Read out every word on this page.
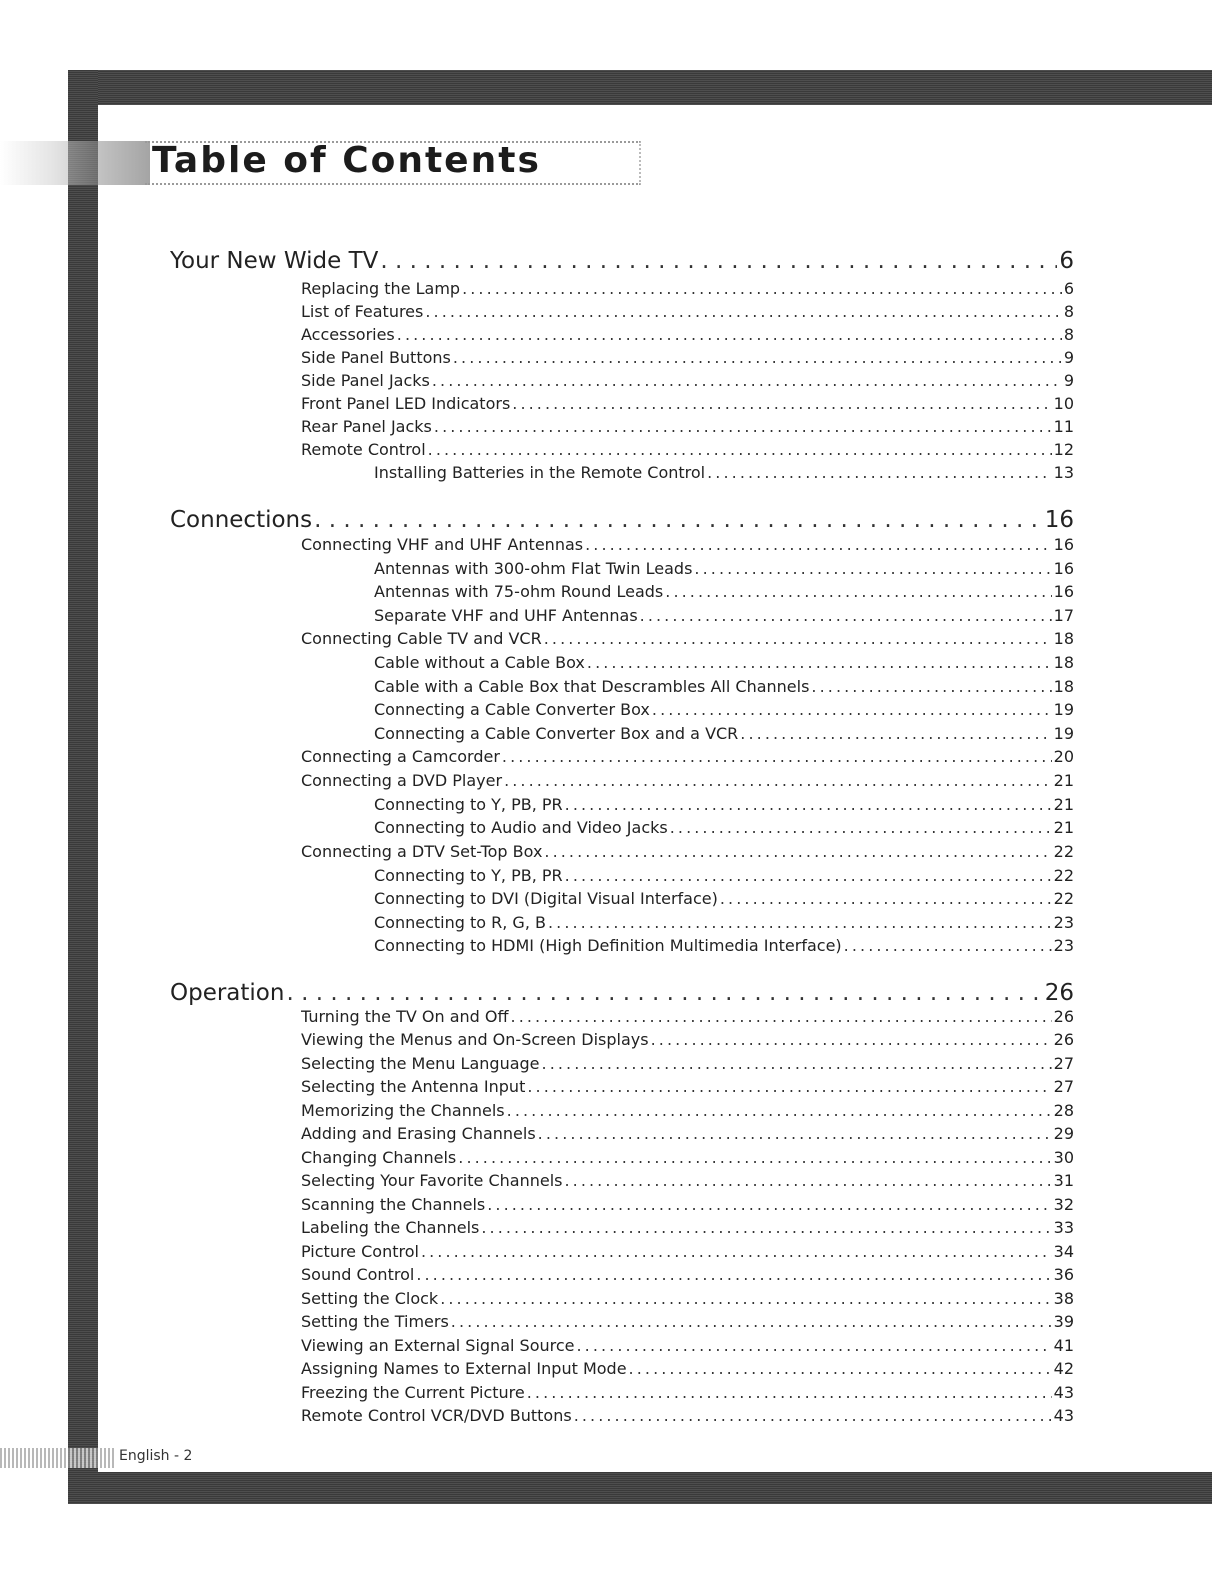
Table of Contents
Your New Wide TV . . .	6
Replacing the Lamp . . .	6
List of Features . . .	8
Accessories . . .	8
Side Panel Buttons . . .	9
Side Panel Jacks . . .	9
Front Panel LED Indicators . . .	10
Rear Panel Jacks . . .	11
Remote Control . . .	12
Installing Batteries in the Remote Control . . .	13
Connections . . .	16
Connecting VHF and UHF Antennas . . .	16
Antennas with 300-ohm Flat Twin Leads . . .	16
Antennas with 75-ohm Round Leads . . .	16
Separate VHF and UHF Antennas . . .	17
Connecting Cable TV and VCR . . .	18
Cable without a Cable Box . . .	18
Cable with a Cable Box that Descrambles All Channels . . .	18
Connecting a Cable Converter Box . . .	19
Connecting a Cable Converter Box and a VCR . . .	19
Connecting a Camcorder . . .	20
Connecting a DVD Player . . .	21
Connecting to Y, PB, PR . . .	21
Connecting to Audio and Video Jacks . . .	21
Connecting a DTV Set-Top Box . . .	22
Connecting to Y, PB, PR . . .	22
Connecting to DVI (Digital Visual Interface) . . .	22
Connecting to R, G, B . . .	23
Connecting to HDMI (High Definition Multimedia Interface) . . .	23
Operation . . .	26
Turning the TV On and Off . . .	26
Viewing the Menus and On-Screen Displays . . .	26
Selecting the Menu Language . . .	27
Selecting the Antenna Input . . .	27
Memorizing the Channels . . .	28
Adding and Erasing Channels . . .	29
Changing Channels . . .	30
Selecting Your Favorite Channels . . .	31
Scanning the Channels . . .	32
Labeling the Channels . . .	33
Picture Control . . .	34
Sound Control . . .	36
Setting the Clock . . .	38
Setting the Timers . . .	39
Viewing an External Signal Source . . .	41
Assigning Names to External Input Mode . . .	42
Freezing the Current Picture . . .	43
Remote Control VCR/DVD Buttons . . .	43
English - 2
